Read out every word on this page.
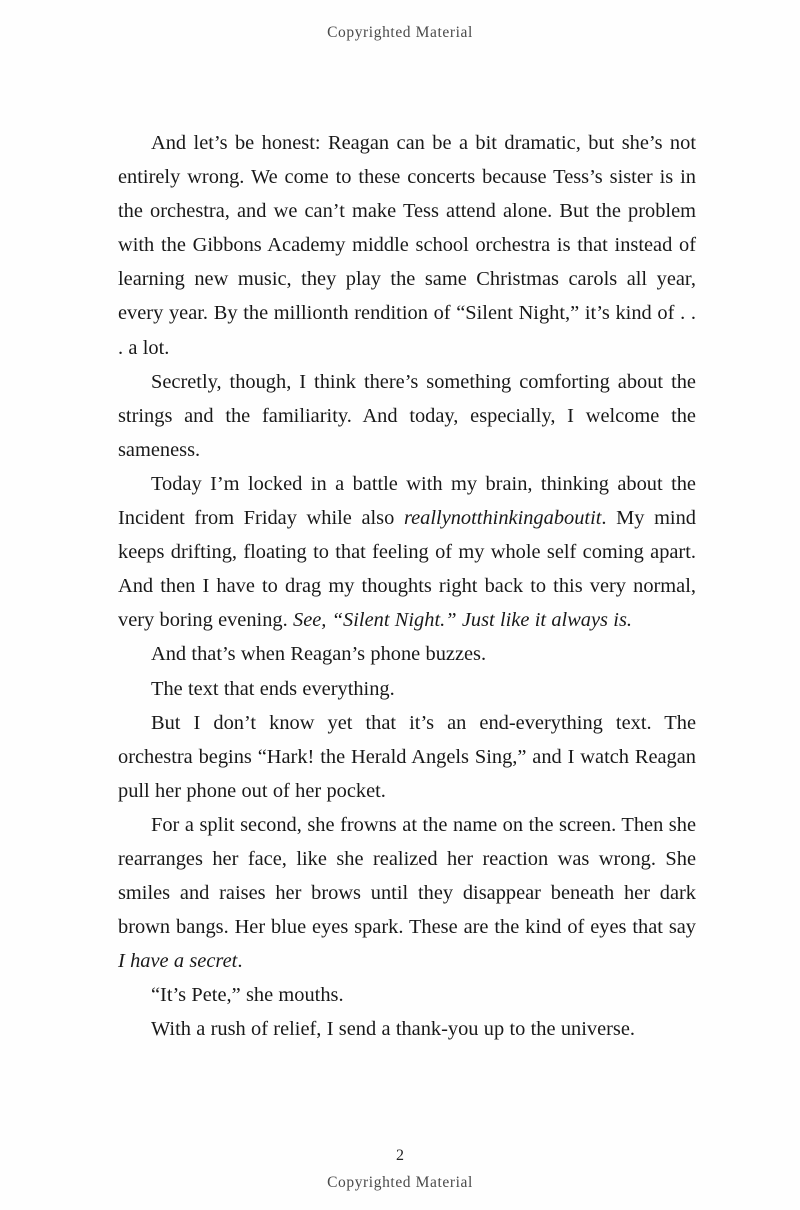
Copyrighted Material

And let’s be honest: Reagan can be a bit dramatic, but she’s not entirely wrong. We come to these concerts because Tess’s sister is in the orchestra, and we can’t make Tess attend alone. But the problem with the Gibbons Academy middle school orchestra is that instead of learning new music, they play the same Christmas carols all year, every year. By the millionth rendition of “Silent Night,” it’s kind of . . . a lot.

Secretly, though, I think there’s something comforting about the strings and the familiarity. And today, especially, I welcome the sameness.

Today I’m locked in a battle with my brain, thinking about the Incident from Friday while also reallynotthinkingaboutit. My mind keeps drifting, floating to that feeling of my whole self coming apart. And then I have to drag my thoughts right back to this very normal, very boring evening. See, “Silent Night.” Just like it always is.

And that’s when Reagan’s phone buzzes.

The text that ends everything.

But I don’t know yet that it’s an end-everything text. The orchestra begins “Hark! the Herald Angels Sing,” and I watch Reagan pull her phone out of her pocket.

For a split second, she frowns at the name on the screen. Then she rearranges her face, like she realized her reaction was wrong. She smiles and raises her brows until they disappear beneath her dark brown bangs. Her blue eyes spark. These are the kind of eyes that say I have a secret.

“It’s Pete,” she mouths.

With a rush of relief, I send a thank-you up to the universe.

2
Copyrighted Material
